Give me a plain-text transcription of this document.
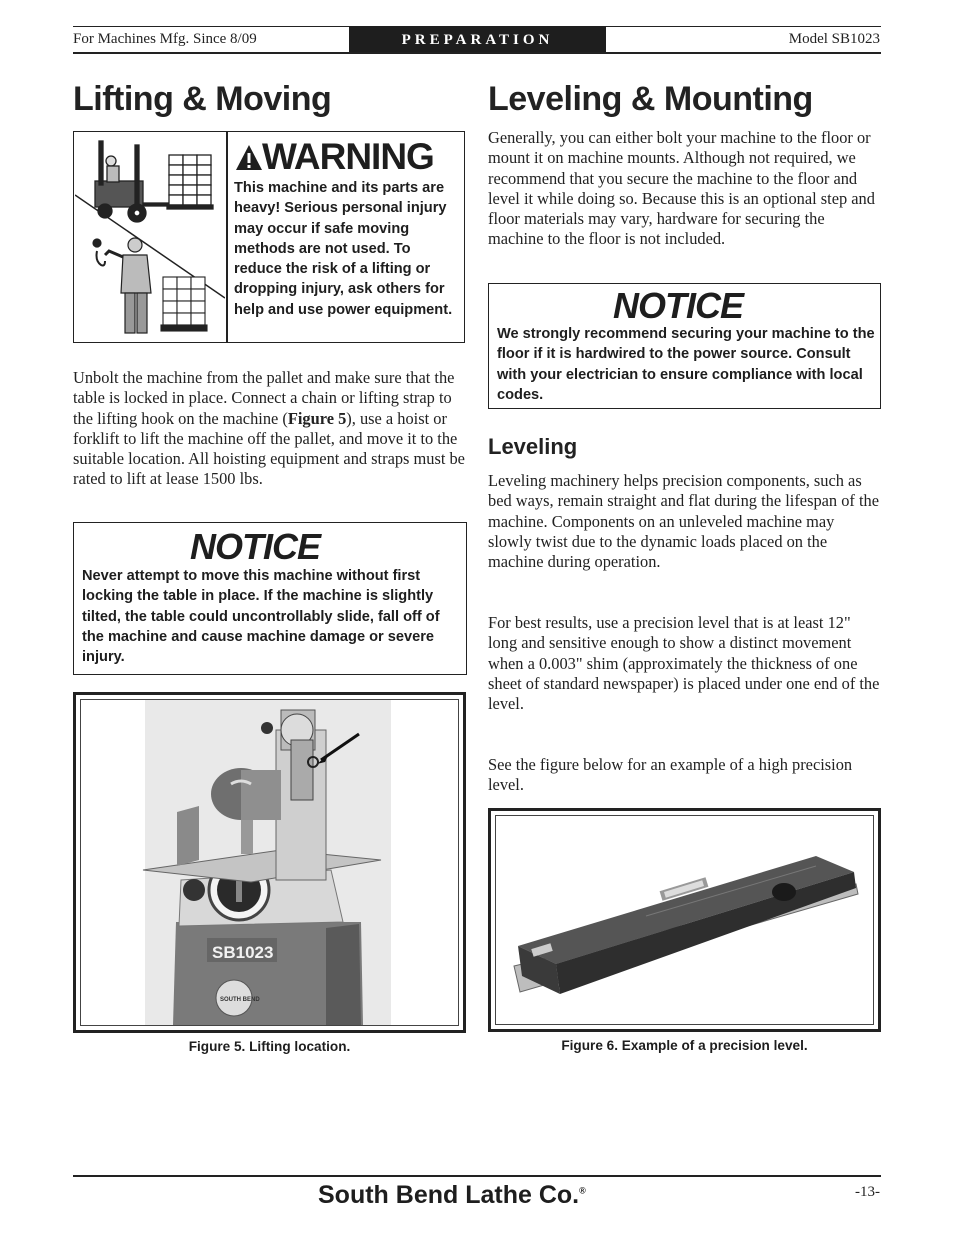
For Machines Mfg. Since 8/09	PREPARATION	Model SB1023
Lifting & Moving
WARNING
This machine and its parts are heavy! Serious personal injury may occur if safe moving methods are not used. To reduce the risk of a lifting or dropping injury, ask others for help and use power equipment.
Unbolt the machine from the pallet and make sure that the table is locked in place. Connect a chain or lifting strap to the lifting hook on the machine (Figure 5), use a hoist or forklift to lift the machine off the pallet, and move it to the suitable location. All hoisting equipment and straps must be rated to lift at lease 1500 lbs.
NOTICE
Never attempt to move this machine without first locking the table in place. If the machine is slightly tilted, the table could uncontrollably slide, fall off of the machine and cause machine damage or severe injury.
SB1023
SOUTH BEND
Figure 5. Lifting location.
Leveling & Mounting
Generally, you can either bolt your machine to the floor or mount it on machine mounts. Although not required, we recommend that you secure the machine to the floor and level it while doing so. Because this is an optional step and floor materials may vary, hardware for securing the machine to the floor is not included.
NOTICE
We strongly recommend securing your machine to the floor if it is hardwired to the power source. Consult with your electrician to ensure compliance with local codes.
Leveling
Leveling machinery helps precision components, such as bed ways, remain straight and flat during the lifespan of the machine. Components on an unleveled machine may slowly twist due to the dynamic loads placed on the machine during operation.
For best results, use a precision level that is at least 12" long and sensitive enough to show a distinct movement when a 0.003" shim (approximately the thickness of one sheet of standard newspaper) is placed under one end of the level.
See the figure below for an example of a high precision level.
Figure 6. Example of a precision level.
South Bend Lathe Co.®	-13-
